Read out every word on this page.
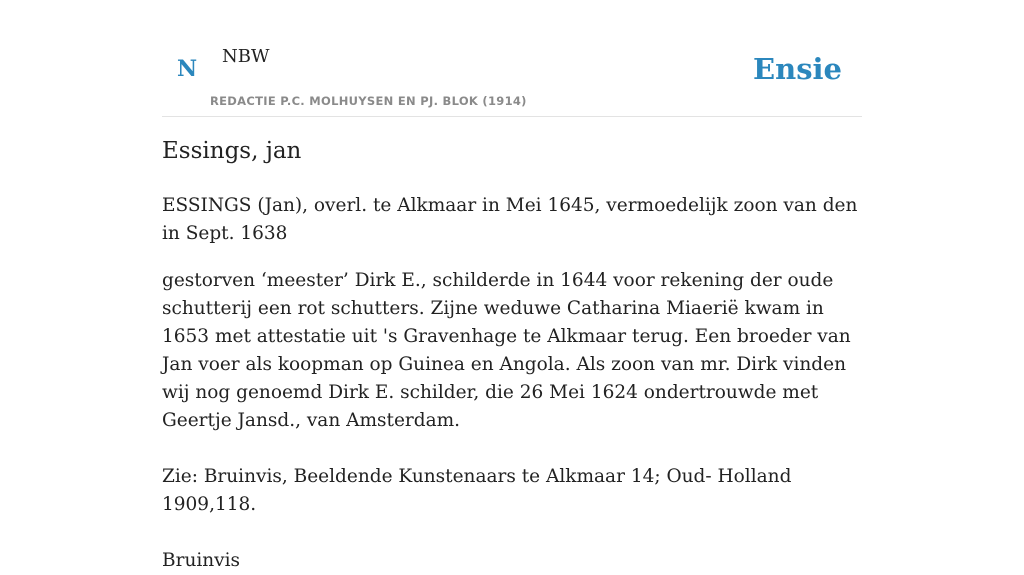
N NBW
REDACTIE P.C. MOLHUYSEN EN PJ. BLOK (1914)
Ensie
Essings, jan

ESSINGS (Jan), overl. te Alkmaar in Mei 1645, vermoedelijk zoon van den in Sept. 1638

gestorven ‘meester’ Dirk E., schilderde in 1644 voor rekening der oude schutterij een rot schutters. Zijne weduwe Catharina Miaerië kwam in 1653 met attestatie uit 's Gravenhage te Alkmaar terug. Een broeder van Jan voer als koopman op Guinea en Angola. Als zoon van mr. Dirk vinden wij nog genoemd Dirk E. schilder, die 26 Mei 1624 ondertrouwde met Geertje Jansd., van Amsterdam.

Zie: Bruinvis, Beeldende Kunstenaars te Alkmaar 14; Oud- Holland 1909,118.

Bruinvis
